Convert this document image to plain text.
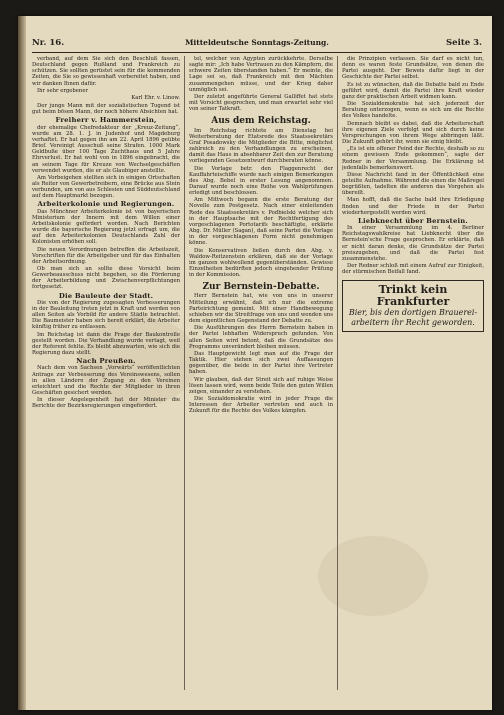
Nr. 16.	Mitteldeutsche Sonntags-Zeitung.	Seite 3.

verband, auf dem Sie sich den Beschluß fassen, Deutschland gegen Rußland und Frankreich zu schützen. Sie sollten gerüstet sein für die kommenden Zeiten, die Sie so gewissenhaft vorbereitet haben, und wir danken Ihnen dafür.

Ihr sehr ergebener

Karl Ehr. v. Linow.

Der junge Mann mit der sozialistischen Tugend ist gut beim bösen Mann, der noch höhere Absichten hat.

Freiherr v. Hammerstein,

der ehemalige Chefredakteur der „Kreuz-Zeitung“, wurde am 28. 1. J. in Judenhof und Magdeburg verhaftet. Er hat gegen ihn am 22. April 1896 geübte Brief. Vereinigt Ausschuß seine Strafen. 1000 Mark Geldbuße über 100 Tage Zuchthaus und 5 Jahre Ehrverlust. Er hat wohl von in 1896 eingebracht, die an seinem Tage für Kreuze von Wechselgeschäften verwendet wurden, die er als Glaubiger anstellte.

Am Vorbeigehen stellten sich in einigen Ortschaften als Reiter von Gewerbetreibern, eine Brücke aus Stein verbunden, um von aus Schlesien und Süddeutschland auf dem Hauptmarkt bezogen.

Arbeiterkolonie und Regierungen.

Das Münchner Arbeiterkolonie ist von bayerischen Ministerium der Innern mit dem Willen einer Arbeitskolonie gefördert worden. Nach Berichten wurde die bayerische Regierung jetzt erfragt um, die auf den Arbeiterkolonien Deutschlands Zahl der Kolonisten erhöhen soll.

Die neuen Verordnungen betreffen die Arbeitszeit, Vorschriften für die Arbeitgeber und für das Einhalten der Arbeitsordnung.

Ob man sich an sollte diese Vorsicht beim Gewerbeausschuss nicht begehen, so die Förderung der Arbeiterbildung und Zwischenverpflichtungen fortgesetzt.

Die Bauleute der Stadt.

Die von der Regierung zugesagten Verbesserungen in der Bauleitung treten jetzt in Kraft und werden von allen Seiten als Vorbild für andere Städte betrachtet. Die Baumeister haben sich bereit erklärt, die Arbeiter künftig früher zu entlassen.

Im Reichstag ist dann die Frage der Baukontrolle gestellt worden. Die Verhandlung wurde vertagt, weil der Referent fehlte. Es bleibt abzuwarten, wie sich die Regierung dazu stellt.

Nach Preußen.

Nach dem von Sachsen „Vorwärts“ veröffentlichten Antrage zur Verbesserung des Vereinswesens, sollen in allen Ländern der Zugang zu den Vereinen erleichtert und die Rechte der Mitglieder in ihren Geschäften gesichert werden.

In dieser Angelegenheit hat der Minister die Berichte der Bezirksregierungen eingefordert.

tel, welcher von Ägypten zurückkehrte. Derselbe sagte mir: „Ich habe Vertrauen zu den Kämpfern, die schwere Zeiten überstanden haben.“ Er meinte, die Lage sei so, daß Frankreich mit den Mächten zusammengehen müsse, und der Krieg daher unmöglich sei.

Der zuletzt angeführte General Galliffet hat stets mit Vorsicht gesprochen, und man erwartet sehr viel von seiner Tatkraft.

Aus dem Reichstag.

Im Reichstag richtete am Dienstag bei Weiterberatung der Etatsrede des Staatssekretärs Graf Posadowsky die Mitglieder die Bitte, möglichst zahlreich zu den Verhandlungen zu erscheinen, damit das Haus in absehbarer Zeit den zur Beratung vorliegenden Gesetzentwurf durchberaten könne.

Die Vorlage betr. den Flaggenrecht der Kauffahrteischiffe wurde nach einigen Bemerkungen des Abg. Bebel in erster Lesung angenommen. Darauf wurde noch eine Reihe von Wahlprüfungen erledigt und beschlossen.

Am Mittwoch begann die erste Beratung der Novelle zum Postgesetz. Nach einer einleitenden Rede des Staatssekretärs v. Podbielski welcher sich in der Hauptsache mit der Rechtfertigung des vorgeschlagenen Portotarifs beschäftigte, erklärte Abg. Dr. Müller (Sagan), daß seine Partei die Vorlage in der vorgeschlagenen Form nicht genehmigen könne.

Die Konservativen ließen durch den Abg. v. Waldow-Reitzenstein erklären, daß sie der Vorlage im ganzen wohlwollend gegenüberständen. Gewisse Einzelheiten bedürften jedoch eingehender Prüfung in der Kommission.

Zur Bernstein-Debatte.

Herr Bernstein hat, wie von uns in unserer Mitteilung erwähnt, daß ich nur die extreme Parteirichtung gemeint. Mit einer Handbewegung schieben wir die Streitfrage von uns und wenden uns dem eigentlichen Gegenstand der Debatte zu.

Die Ausführungen des Herrn Bernstein haben in der Partei lebhaften Widerspruch gefunden. Von allen Seiten wird betont, daß die Grundsätze des Programms unverändert bleiben müssen.

Das Hauptgewicht legt man auf die Frage der Taktik. Hier stehen sich zwei Auffassungen gegenüber, die beide in der Partei ihre Vertreter haben.

Wir glauben, daß der Streit sich auf ruhige Weise lösen lassen wird, wenn beide Teile den guten Willen zeigen, einander zu verstehen.

Die Sozialdemokratie wird in jeder Frage die Interessen der Arbeiter vertreten und auch in Zukunft für die Rechte des Volkes kämpfen.

die Prinzipien verlassen. Sie darf es nicht tun, denn es waren feste Grundsätze, von denen die Partei ausgeht. Der Beweis dafür liegt in der Geschichte der Partei selbst.

Es ist zu wünschen, daß die Debatte bald zu Ende geführt wird, damit die Partei ihre Kraft wieder ganz der praktischen Arbeit widmen kann.

Die Sozialdemokratie hat sich jederzeit der Beratung unterzogen, wenn es sich um die Rechte des Volkes handelte.

Demnach bleibt es dabei, daß die Arbeiterschaft ihre eigenen Ziele verfolgt und sich durch keine Versprechungen von ihrem Wege abbringen läßt. Die Zukunft gehört ihr, wenn sie einig bleibt.

„Es ist ein offener Feind der Rechte, deshalb so zu einem gewissen Ende gekommen“, sagte der Redner in der Versammlung. Die Erklärung ist jedenfalls bemerkenswert.

Diese Nachricht fand in der Öffentlichkeit eine geteilte Aufnahme. Während die einen die Maßregel begrüßten, tadelten die anderen das Vorgehen als übereilt.

Man hofft, daß die Sache bald ihre Erledigung finden und der Friede in der Partei wiederhergestellt werden wird.

Liebknecht über Bernstein.

In einer Versammlung im 4. Berliner Reichstagswahlkreise hat Liebknecht über die Bernstein'sche Frage gesprochen. Er erklärte, daß er nicht daran denke, die Grundsätze der Partei preiszugeben, und daß die Partei fest zusammenstehe.

Der Redner schloß mit einem Aufruf zur Einigkeit, der stürmischen Beifall fand.

Trinkt kein Frankfurter
Bier, bis den dortigen Brauerei-
arbeitern ihr Recht geworden.
